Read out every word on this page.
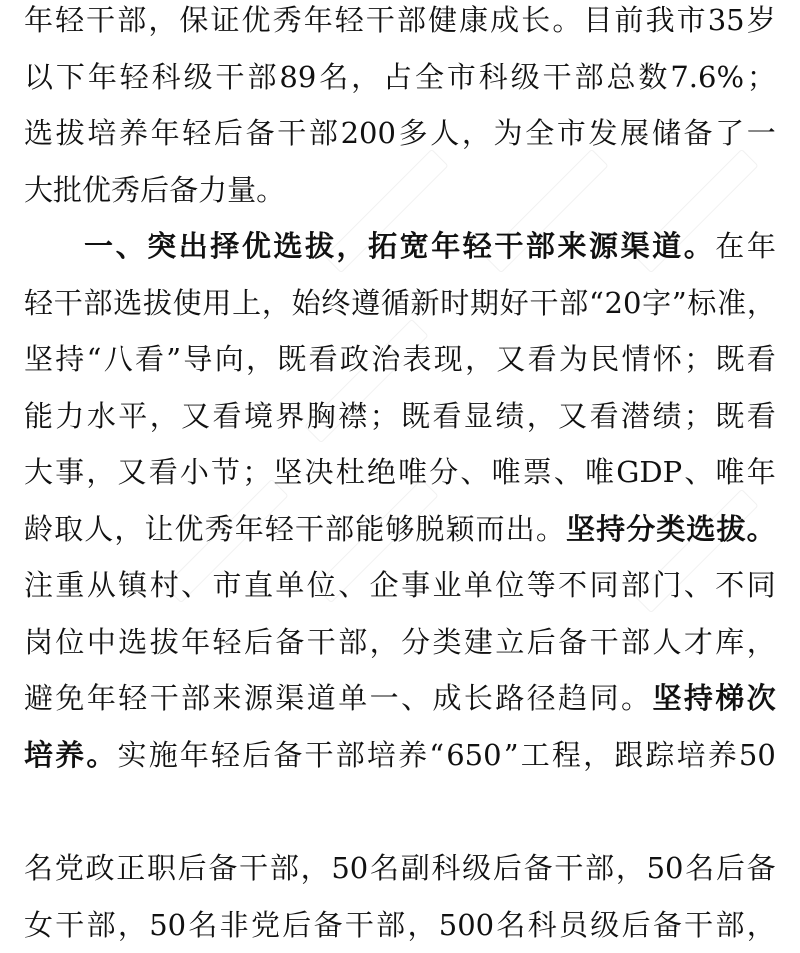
年 轻 干 部 ， 保 证 优 秀 年 轻 干 部 健 康 成 长 。 目 前 我 市 35 岁
以 下 年 轻 科 级 干 部 89 名 ， 占 全 市 科 级 干 部 总 数 7.6% ；
选 拔 培 养 年 轻 后 备 干 部 200 多 人 ， 为 全 市 发 展 储 备 了 一
大 批 优 秀 后 备 力 量 。
一 、 突 出 择 优 选 拔 ， 拓 宽 年 轻 干 部 来 源 渠 道 。 在 年
轻 干 部 选 拔 使 用 上 ， 始 终 遵 循 新 时 期 好 干 部 “ 20 字 ” 标 准 ，
坚 持 “ 八 看 ” 导 向 ， 既 看 政 治 表 现 ， 又 看 为 民 情 怀 ； 既 看
能 力 水 平 ， 又 看 境 界 胸 襟 ； 既 看 显 绩 ， 又 看 潜 绩 ； 既 看
大 事 ， 又 看 小 节 ； 坚 决 杜 绝 唯 分 、 唯 票 、 唯 GDP 、 唯 年
龄 取 人 ， 让 优 秀 年 轻 干 部 能 够 脱 颖 而 出 。 坚 持 分 类 选 拔 。
注 重 从 镇 村 、 市 直 单 位 、 企 事 业 单 位 等 不 同 部 门 、 不 同
岗 位 中 选 拔 年 轻 后 备 干 部 ， 分 类 建 立 后 备 干 部 人 才 库 ，
避 免 年 轻 干 部 来 源 渠 道 单 一 、 成 长 路 径 趋 同 。 坚 持 梯 次
培 养 。 实 施 年 轻 后 备 干 部 培 养 “ 650 ” 工 程 ， 跟 踪 培 养 50
名 党 政 正 职 后 备 干 部 ， 50 名 副 科 级 后 备 干 部 ， 50 名 后 备
女 干 部 ， 50 名 非 党 后 备 干 部 ， 500 名 科 员 级 后 备 干 部 ，
